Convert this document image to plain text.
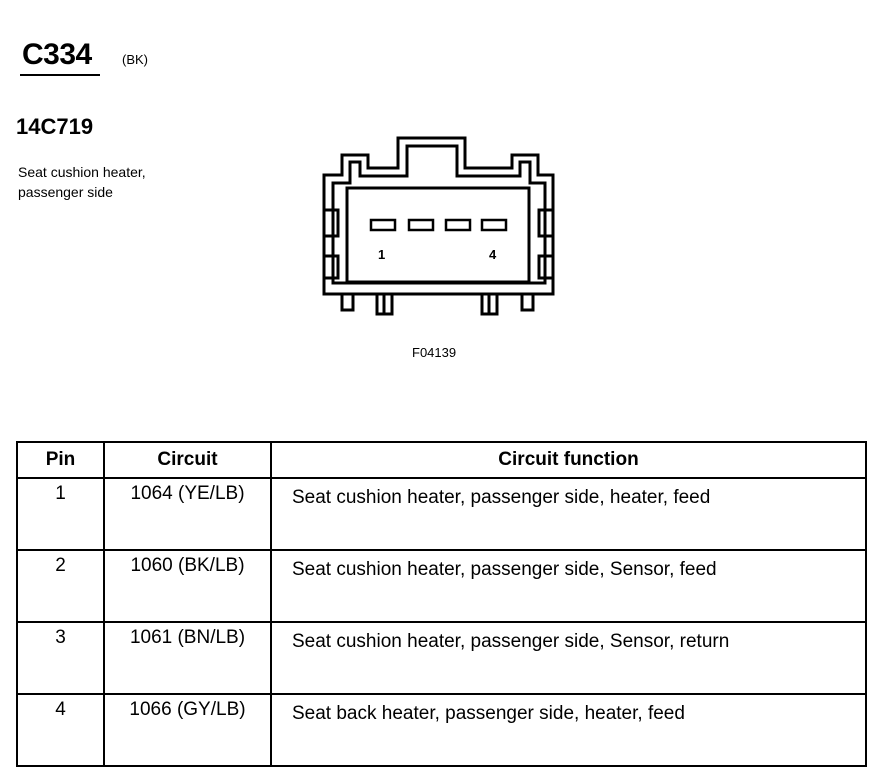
C334 (BK)
14C719
Seat cushion heater,
passenger side
1	4
F04139
Pin	Circuit	Circuit function
1	1064 (YE/LB)	Seat cushion heater, passenger side, heater, feed
2	1060 (BK/LB)	Seat cushion heater, passenger side, Sensor, feed
3	1061 (BN/LB)	Seat cushion heater, passenger side, Sensor, return
4	1066 (GY/LB)	Seat back heater, passenger side, heater, feed
